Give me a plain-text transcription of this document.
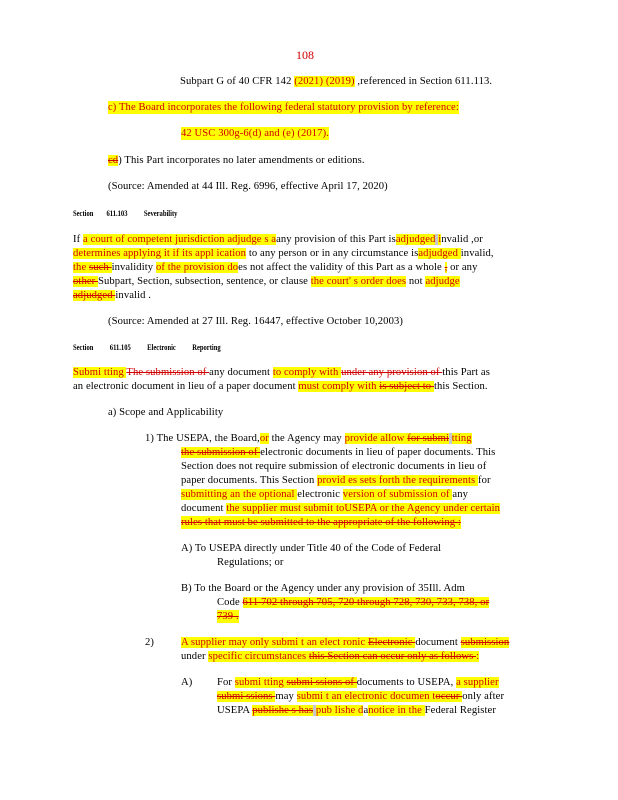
108
Subpart G of 40 CFR 142 (2021) (2019) ,referenced in Section 611.113.
c) The Board incorporates the following federal statutory provision by reference:
42 USC 300g-6(d) and (e) (2017).
cd) This Part incorporates no later amendments or editions.
(Source: Amended at 44 Ill. Reg. 6996, effective April 17, 2020)
Section 611.103 Severability
If a court of competent jurisdiction adjudge s aany provision of this Part isadjudged invalid ,or
determines applying it if its appl ication to any person or in any circumstance isadjudged invalid,
the such invalidity of the provision does not affect the validity of this Part as a whole , or any
other Subpart, Section, subsection, sentence, or clause the court' s order does not adjudge
adjudged invalid .
(Source: Amended at 27 Ill. Reg. 16447, effective October 10,2003)
Section 611.105 Electronic Reporting
Submi tting The submission of any document to comply with under any provision of this Part as
an electronic document in lieu of a paper document must comply with is subject to this Section.
a) Scope and Applicability
1) The USEPA, the Board,or the Agency may provide allow for submi tting
the submission of electronic documents in lieu of paper documents. This
Section does not require submission of electronic documents in lieu of
paper documents. This Section provid es sets forth the requirements for
submitting an the optional electronic version of submission of any
document the supplier must submit toUSEPA or the Agency under certain
rules that must be submitted to the appropriate of the following :
A) To USEPA directly under Title 40 of the Code of Federal
Regulations; or
B) To the Board or the Agency under any provision of 35Ill. Adm
Code 611 702 through 705, 720 through 728, 730, 733, 738, or
739 .
2)	A supplier may only submi t an elect ronic Electronic document submission
under specific circumstances this Section can occur only as follows :
A) For submi tting submi ssions of documents to USEPA, a supplier
submi ssions may submi t an electronic documen toccur only after
USEPA publishe s has pub lishe danotice in the Federal Register
